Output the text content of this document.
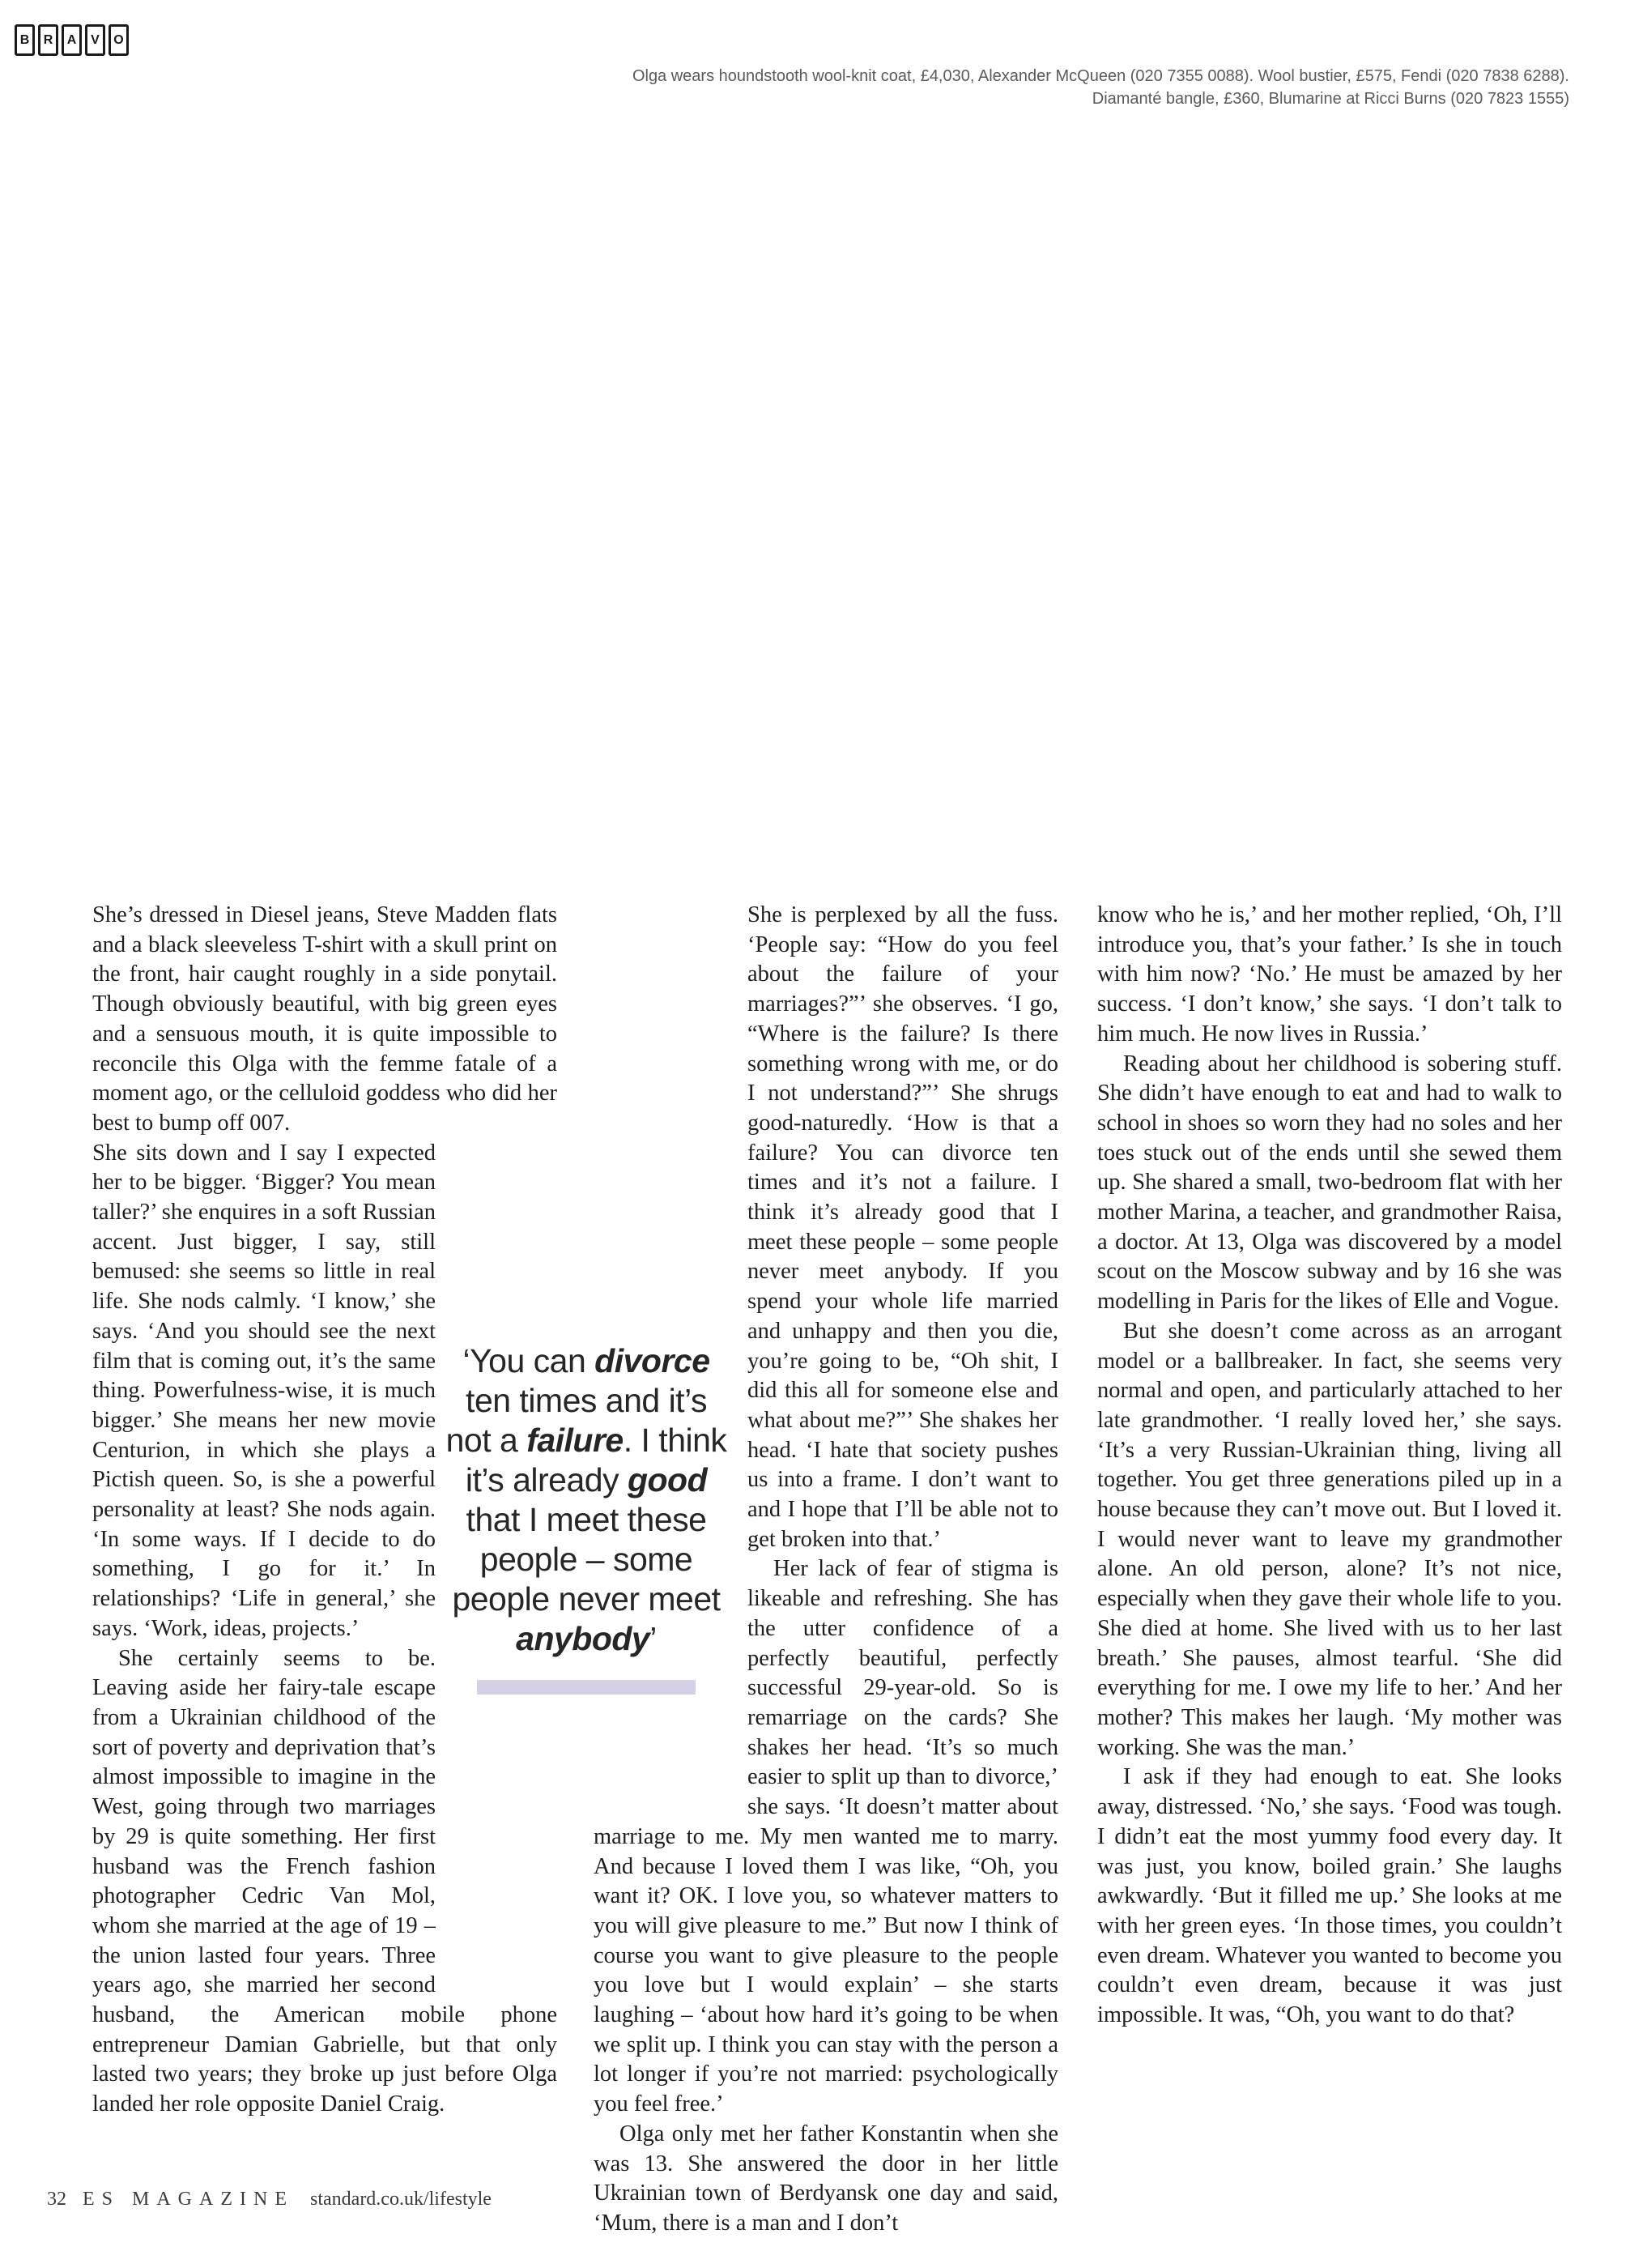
B	R	A	V	O
Olga wears houndstooth wool-knit coat, £4,030, Alexander McQueen (020 7355 0088). Wool bustier, £575, Fendi (020 7838 6288).
Diamanté bangle, £360, Blumarine at Ricci Burns (020 7823 1555)

She’s dressed in Diesel jeans, Steve Madden flats and a black sleeveless T-shirt with a skull print on the front, hair caught roughly in a side ponytail. Though obviously beautiful, with big green eyes and a sensuous mouth, it is quite impossible to reconcile this Olga with the femme fatale of a moment ago, or the celluloid goddess who did her best to bump off 007.

She sits down and I say I expected her to be bigger. ‘Bigger? You mean taller?’ she enquires in a soft Russian accent. Just bigger, I say, still bemused: she seems so little in real life. She nods calmly. ‘I know,’ she says. ‘And you should see the next film that is coming out, it’s the same thing. Powerfulness-wise, it is much bigger.’ She means her new movie Centurion, in which she plays a Pictish queen. So, is she a powerful personality at least? She nods again. ‘In some ways. If I decide to do something, I go for it.’ In relationships? ‘Life in general,’ she says. ‘Work, ideas, projects.’

She certainly seems to be. Leaving aside her fairy-tale escape from a Ukrainian childhood of the sort of poverty and deprivation that’s almost impossible to imagine in the West, going through two marriages by 29 is quite something. Her first husband was the French fashion photographer Cedric Van Mol, whom she married at the age of 19 – the union lasted four years. Three years ago, she married her second husband, the American mobile phone entrepreneur Damian Gabrielle, but that only lasted two years; they broke up just before Olga landed her role opposite Daniel Craig.

She is perplexed by all the fuss. ‘People say: “How do you feel about the failure of your marriages?”’ she observes. ‘I go, “Where is the failure? Is there something wrong with me, or do I not understand?”’ She shrugs good-naturedly. ‘How is that a failure? You can divorce ten times and it’s not a failure. I think it’s already good that I meet these people – some people never meet anybody. If you spend your whole life married and unhappy and then you die, you’re going to be, “Oh shit, I did this all for someone else and what about me?”’ She shakes her head. ‘I hate that society pushes us into a frame. I don’t want to and I hope that I’ll be able not to get broken into that.’

Her lack of fear of stigma is likeable and refreshing. She has the utter confidence of a perfectly beautiful, perfectly successful 29-year-old. So is remarriage on the cards? She shakes her head. ‘It’s so much easier to split up than to divorce,’ she says. ‘It doesn’t matter about marriage to me. My men wanted me to marry. And because I loved them I was like, “Oh, you want it? OK. I love you, so whatever matters to you will give pleasure to me.” But now I think of course you want to give pleasure to the people you love but I would explain’ – she starts laughing – ‘about how hard it’s going to be when we split up. I think you can stay with the person a lot longer if you’re not married: psychologically you feel free.’

Olga only met her father Konstantin when she was 13. She answered the door in her little Ukrainian town of Berdyansk one day and said, ‘Mum, there is a man and I don’t

know who he is,’ and her mother replied, ‘Oh, I’ll introduce you, that’s your father.’ Is she in touch with him now? ‘No.’ He must be amazed by her success. ‘I don’t know,’ she says. ‘I don’t talk to him much. He now lives in Russia.’

Reading about her childhood is sobering stuff. She didn’t have enough to eat and had to walk to school in shoes so worn they had no soles and her toes stuck out of the ends until she sewed them up. She shared a small, two-bedroom flat with her mother Marina, a teacher, and grandmother Raisa, a doctor. At 13, Olga was discovered by a model scout on the Moscow subway and by 16 she was modelling in Paris for the likes of Elle and Vogue.

But she doesn’t come across as an arrogant model or a ballbreaker. In fact, she seems very normal and open, and particularly attached to her late grandmother. ‘I really loved her,’ she says. ‘It’s a very Russian-Ukrainian thing, living all together. You get three generations piled up in a house because they can’t move out. But I loved it. I would never want to leave my grandmother alone. An old person, alone? It’s not nice, especially when they gave their whole life to you. She died at home. She lived with us to her last breath.’ She pauses, almost tearful. ‘She did everything for me. I owe my life to her.’ And her mother? This makes her laugh. ‘My mother was working. She was the man.’

I ask if they had enough to eat. She looks away, distressed. ‘No,’ she says. ‘Food was tough. I didn’t eat the most yummy food every day. It was just, you know, boiled grain.’ She laughs awkwardly. ‘But it filled me up.’ She looks at me with her green eyes. ‘In those times, you couldn’t even dream. Whatever you wanted to become you couldn’t even dream, because it was just impossible. It was, “Oh, you want to do that?

32 ES MAGAZINE standard.co.uk/lifestyle
‘You can divorce ten times and it’s not a failure. I think it’s already good that I meet these people – some people never meet anybody’
